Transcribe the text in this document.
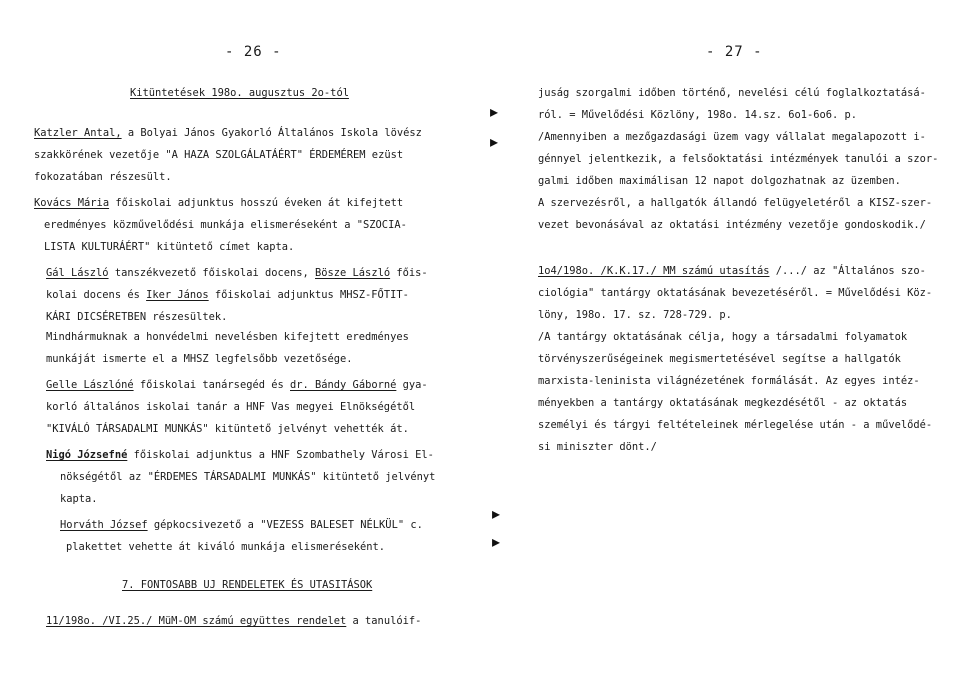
- 26 -
Kitüntetések 198o. augusztus 2o-tól
Katzler Antal, a Bolyai János Gyakorló Általános Iskola lövész
szakkörének vezetője "A HAZA SZOLGÁLATÁÉRT" ÉRDEMÉREM ezüst
fokozatában részesült.
Kovács Mária főiskolai adjunktus hosszú éveken át kifejtett
eredményes közművelődési munkája elismeréseként a "SZOCIA-
LISTA KULTURÁÉRT" kitüntető címet kapta.
Gál László tanszékvezető főiskolai docens, Bösze László főis-
kolai docens és Iker János főiskolai adjunktus MHSZ-FŐTIT-
KÁRI DICSÉRETBEN részesültek.
Mindhármuknak a honvédelmi nevelésben kifejtett eredményes
munkáját ismerte el a MHSZ legfelsőbb vezetősége.
Gelle Lászlóné főiskolai tanársegéd és dr. Bándy Gáborné gya-
korló általános iskolai tanár a HNF Vas megyei Elnökségétől
"KIVÁLÓ TÁRSADALMI MUNKÁS" kitüntető jelvényt vehették át.
Nigó Józsefné főiskolai adjunktus a HNF Szombathely Városi El-
nökségétől az "ÉRDEMES TÁRSADALMI MUNKÁS" kitüntető jelvényt
kapta.
Horváth József gépkocsivezető a "VEZESS BALESET NÉLKÜL" c.
plakettet vehette át kiváló munkája elismeréseként.
7. FONTOSABB UJ RENDELETEK ÉS UTASITÁSOK
11/198o. /VI.25./ MüM-OM számú együttes rendelet a tanulóif-
▸
▸
▸
▸
- 27 -
juság szorgalmi időben történő, nevelési célú foglalkoztatásá-
ról. = Művelődési Közlöny, 198o. 14.sz. 6o1-6o6. p.
/Amennyiben a mezőgazdasági üzem vagy vállalat megalapozott i-
génnyel jelentkezik, a felsőoktatási intézmények tanulói a szor-
galmi időben maximálisan 12 napot dolgozhatnak az üzemben.
A szervezésről, a hallgatók állandó felügyeletéről a KISZ-szer-
vezet bevonásával az oktatási intézmény vezetője gondoskodik./
1o4/198o. /K.K.17./ MM számú utasítás /.../ az "Általános szo-
ciológia" tantárgy oktatásának bevezetéséről. = Művelődési Köz-
löny, 198o. 17. sz. 728-729. p.
/A tantárgy oktatásának célja, hogy a társadalmi folyamatok
törvényszerűségeinek megismertetésével segítse a hallgatók
marxista-leninista világnézetének formálását. Az egyes intéz-
ményekben a tantárgy oktatásának megkezdésétől - az oktatás
személyi és tárgyi feltételeinek mérlegelése után - a művelődé-
si miniszter dönt./
